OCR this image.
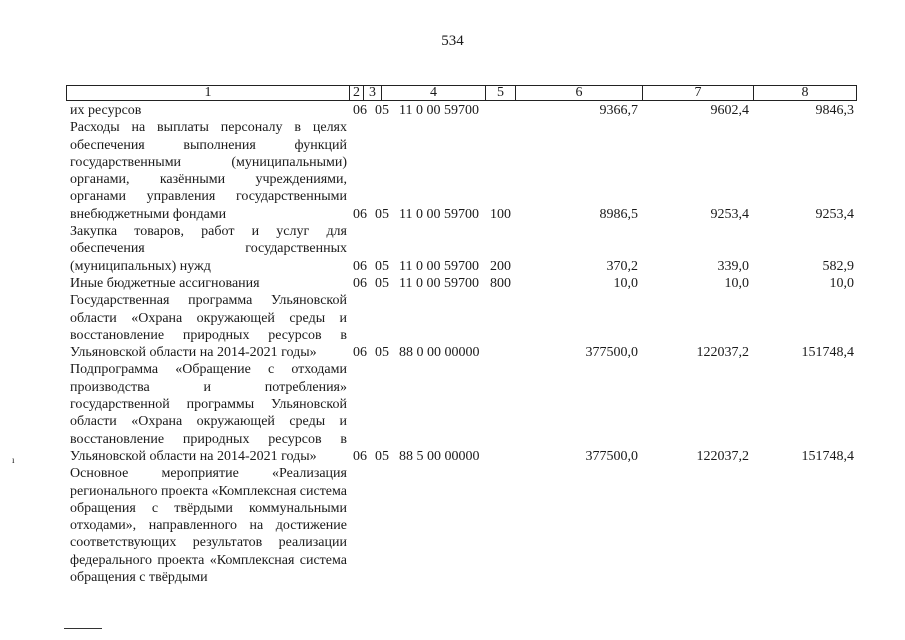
534
1	2	3	4	5	6	7	8
их ресурсов	06	05	11 0 00 59700		9366,7	9602,4	9846,3
Расходы на выплаты персоналу в целях обеспечения выполнения функций государственными (муниципальными) органами, казёнными учреждениями, органами управления государственными внебюджетными фондами	06	05	11 0 00 59700	100	8986,5	9253,4	9253,4
Закупка товаров, работ и услуг для обеспечения государственных (муниципальных) нужд	06	05	11 0 00 59700	200	370,2	339,0	582,9
Иные бюджетные ассигнования	06	05	11 0 00 59700	800	10,0	10,0	10,0
Государственная программа Ульяновской области «Охрана окружающей среды и восстановление природных ресурсов в Ульяновской области на 2014-2021 годы»	06	05	88 0 00 00000		377500,0	122037,2	151748,4
Подпрограмма «Обращение с отходами производства и потребления» государственной программы Ульяновской области «Охрана окружающей среды и восстановление природных ресурсов в Ульяновской области на 2014-2021 годы»	06	05	88 5 00 00000		377500,0	122037,2	151748,4
Основное мероприятие «Реализация регионального проекта «Комплексная система обращения с твёрдыми коммунальными отходами», направленного на достижение соответствующих результатов реализации федерального проекта «Комплексная система обращения с твёрдыми							
ı
